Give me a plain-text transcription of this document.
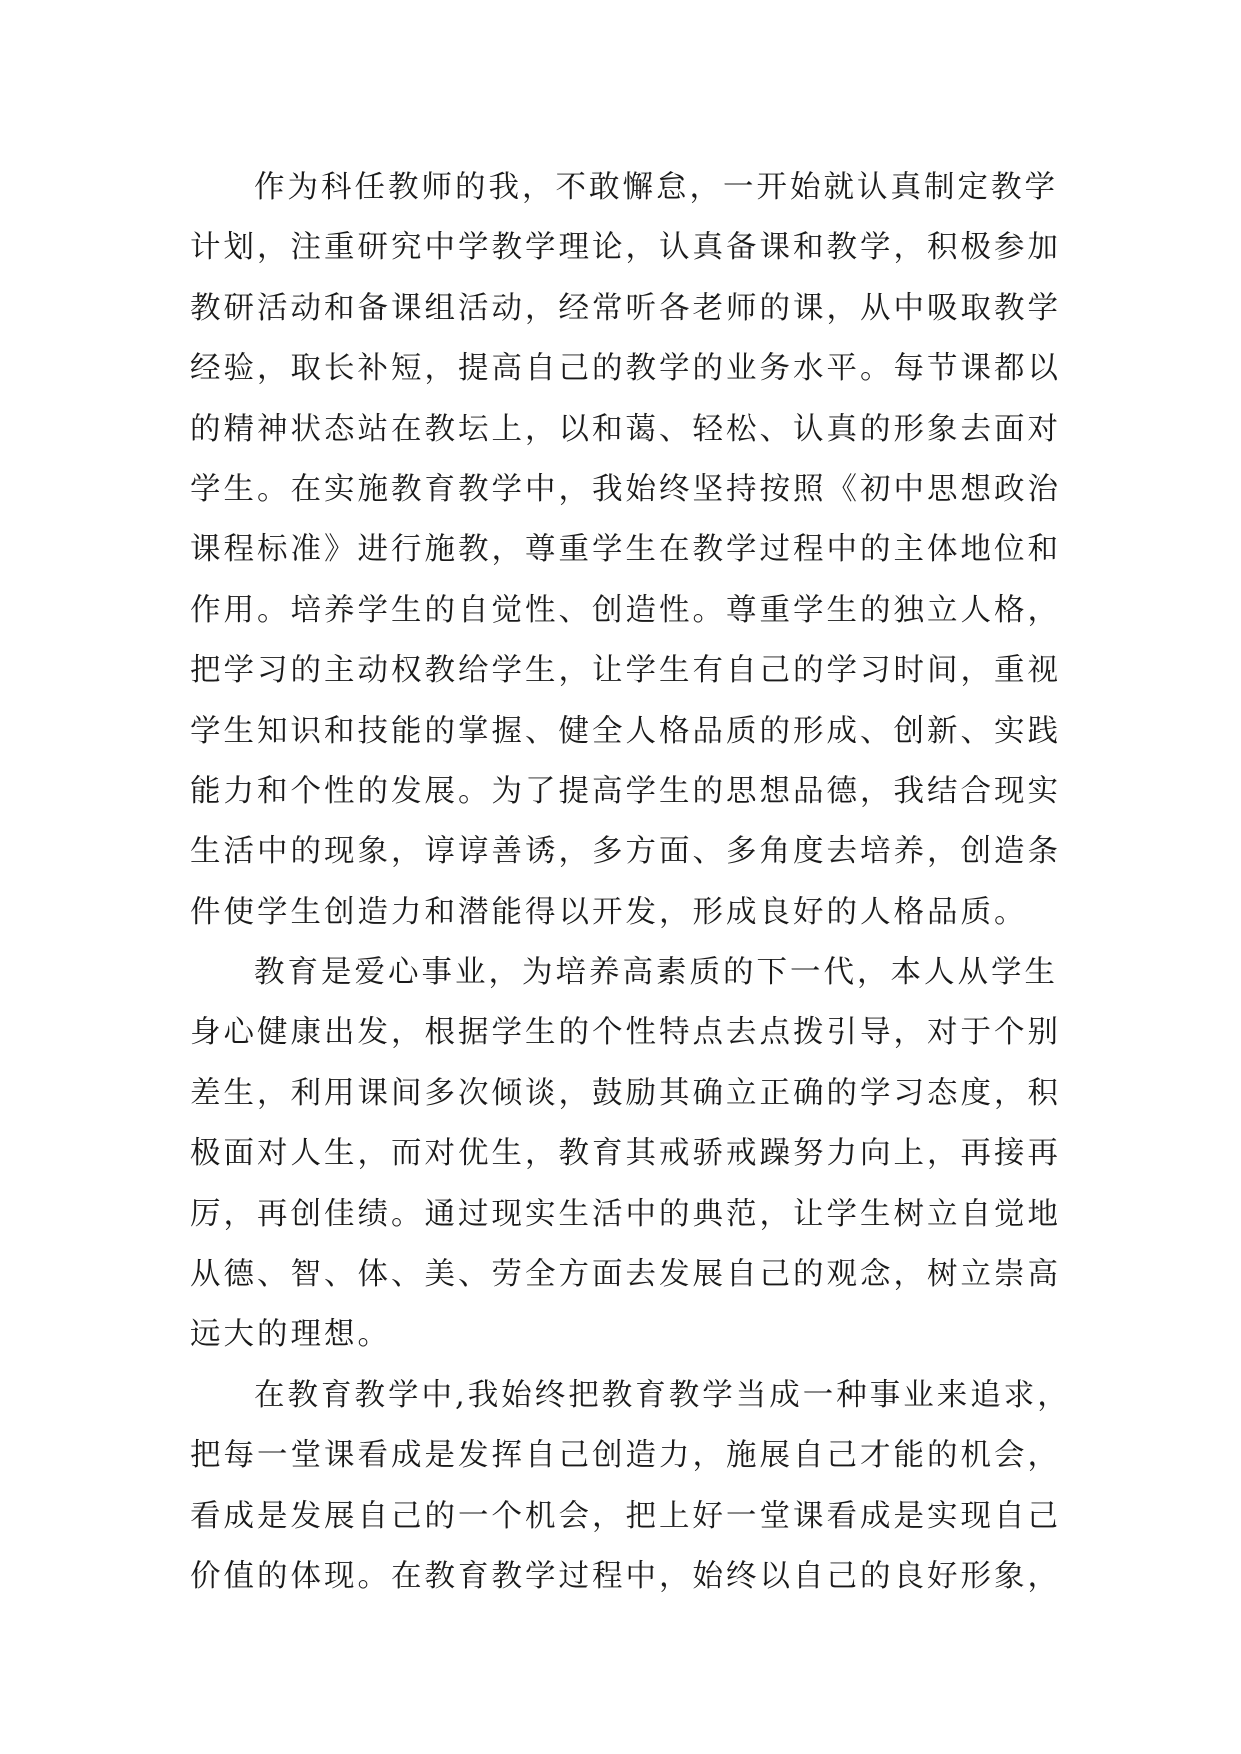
作为科任教师的我，不敢懈怠，一开始就认真制定教学
计划，注重研究中学教学理论，认真备课和教学，积极参加
教研活动和备课组活动，经常听各老师的课，从中吸取教学
经验，取长补短，提高自己的教学的业务水平。每节课都以
的精神状态站在教坛上，以和蔼、轻松、认真的形象去面对
学生。在实施教育教学中，我始终坚持按照《初中思想政治
课程标准》进行施教，尊重学生在教学过程中的主体地位和
作用。培养学生的自觉性、创造性。尊重学生的独立人格，
把学习的主动权教给学生，让学生有自己的学习时间，重视
学生知识和技能的掌握、健全人格品质的形成、创新、实践
能力和个性的发展。为了提高学生的思想品德，我结合现实
生活中的现象，谆谆善诱，多方面、多角度去培养，创造条
件使学生创造力和潜能得以开发，形成良好的人格品质。
教育是爱心事业，为培养高素质的下一代，本人从学生
身心健康出发，根据学生的个性特点去点拨引导，对于个别
差生，利用课间多次倾谈，鼓励其确立正确的学习态度，积
极面对人生，而对优生，教育其戒骄戒躁努力向上，再接再
厉，再创佳绩。通过现实生活中的典范，让学生树立自觉地
从德、智、体、美、劳全方面去发展自己的观念，树立崇高
远大的理想。
在教育教学中,我始终把教育教学当成一种事业来追求，
把每一堂课看成是发挥自己创造力，施展自己才能的机会，
看成是发展自己的一个机会，把上好一堂课看成是实现自己
价值的体现。在教育教学过程中，始终以自己的良好形象，
